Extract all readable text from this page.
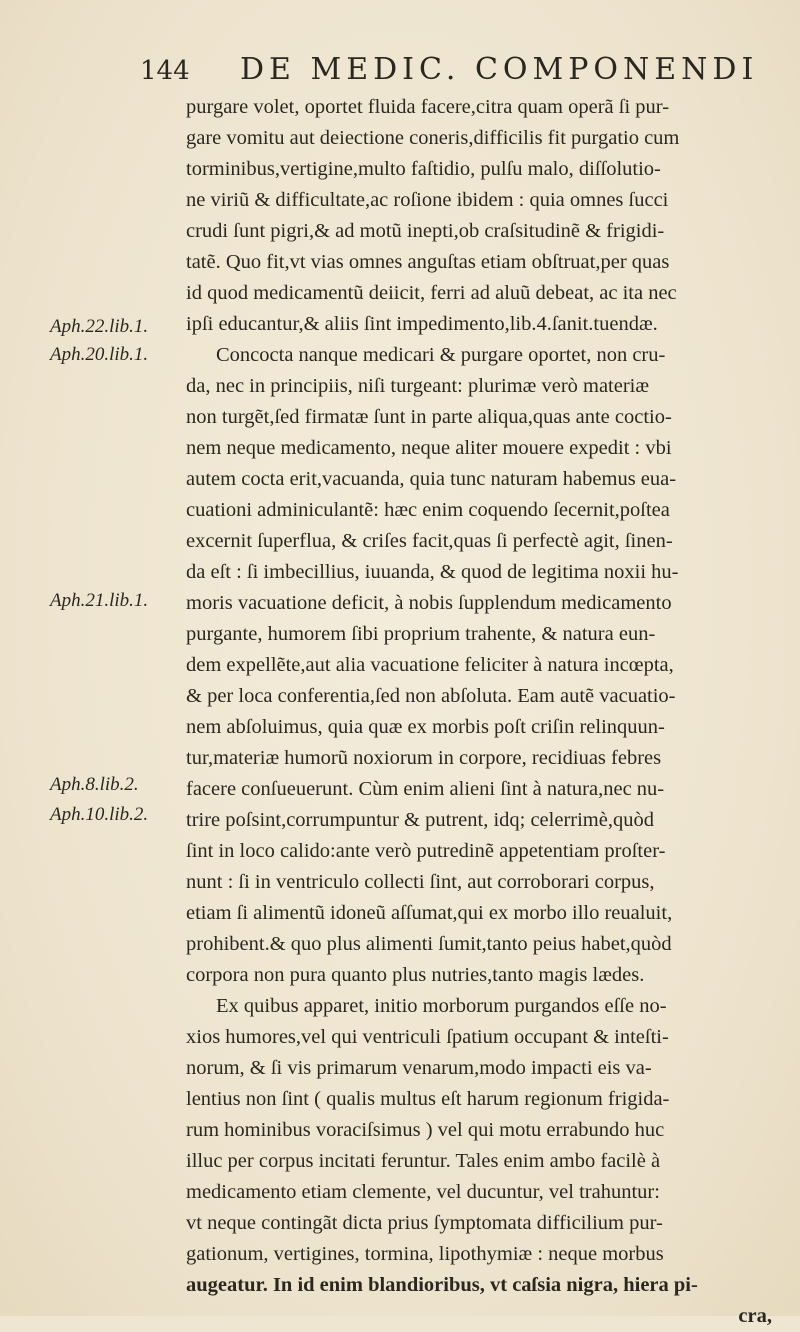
144 DE MEDIC. COMPONENDI
Aph.22.lib.1.
Aph.20.lib.1.
Aph.21.lib.1.
Aph.8.lib.2.
Aph.10.lib.2.
purgare volet, oportet fluida facere,citra quam operã ſi pur-
gare vomitu aut deiectione coneris,difficilis fit purgatio cum
torminibus,vertigine,multo faſtidio, pulſu malo, diſſolutio-
ne viriũ & difficultate,ac roſione ibidem : quia omnes ſucci
crudi ſunt pigri,& ad motũ inepti,ob craſsitudinẽ & frigidi-
tatẽ. Quo fit,vt vias omnes anguſtas etiam obſtruat,per quas
id quod medicamentũ deiicit, ferri ad aluũ debeat, ac ita nec
ipſi educantur,& aliis ſint impedimento,lib.4.ſanit.tuendæ.
Concocta nanque medicari & purgare oportet, non cru-
da, nec in principiis, niſi turgeant: plurimæ verò materiæ
non turgẽt,ſed firmatæ ſunt in parte aliqua,quas ante coctio-
nem neque medicamento, neque aliter mouere expedit : vbi
autem cocta erit,vacuanda, quia tunc naturam habemus eua-
cuationi adminiculantẽ: hæc enim coquendo ſecernit,poſtea
excernit ſuperflua, & criſes facit,quas ſi perfectè agit, ſinen-
da eſt : ſi imbecillius, iuuanda, & quod de legitima noxii hu-
moris vacuatione deficit, à nobis ſupplendum medicamento
purgante, humorem ſibi proprium trahente, & natura eun-
dem expellẽte,aut alia vacuatione feliciter à natura incœpta,
& per loca conferentia,ſed non abſoluta. Eam autẽ vacuatio-
nem abſoluimus, quia quæ ex morbis poſt criſin relinquun-
tur,materiæ humorũ noxiorum in corpore, recidiuas febres
facere conſueuerunt. Cùm enim alieni ſint à natura,nec nu-
trire poſsint,corrumpuntur & putrent, idq; celerrimè,quòd
ſint in loco calido:ante verò putredinẽ appetentiam proſter-
nunt : ſi in ventriculo collecti ſint, aut corroborari corpus,
etiam ſi alimentũ idoneũ aſſumat,qui ex morbo illo reualuit,
prohibent.& quo plus alimenti ſumit,tanto peius habet,quòd
corpora non pura quanto plus nutries,tanto magis lædes.
Ex quibus apparet, initio morborum purgandos eſſe no-
xios humores,vel qui ventriculi ſpatium occupant & inteſti-
norum, & ſi vis primarum venarum,modo impacti eis va-
lentius non ſint ( qualis multus eſt harum regionum frigida-
rum hominibus voraciſsimus ) vel qui motu errabundo huc
illuc per corpus incitati feruntur. Tales enim ambo facilè à
medicamento etiam clemente, vel ducuntur, vel trahuntur:
vt neque contingãt dicta prius ſymptomata difficilium pur-
gationum, vertigines, tormina, lipothymiæ : neque morbus
augeatur. In id enim blandioribus, vt caſsia nigra, hiera pi-
cra,
